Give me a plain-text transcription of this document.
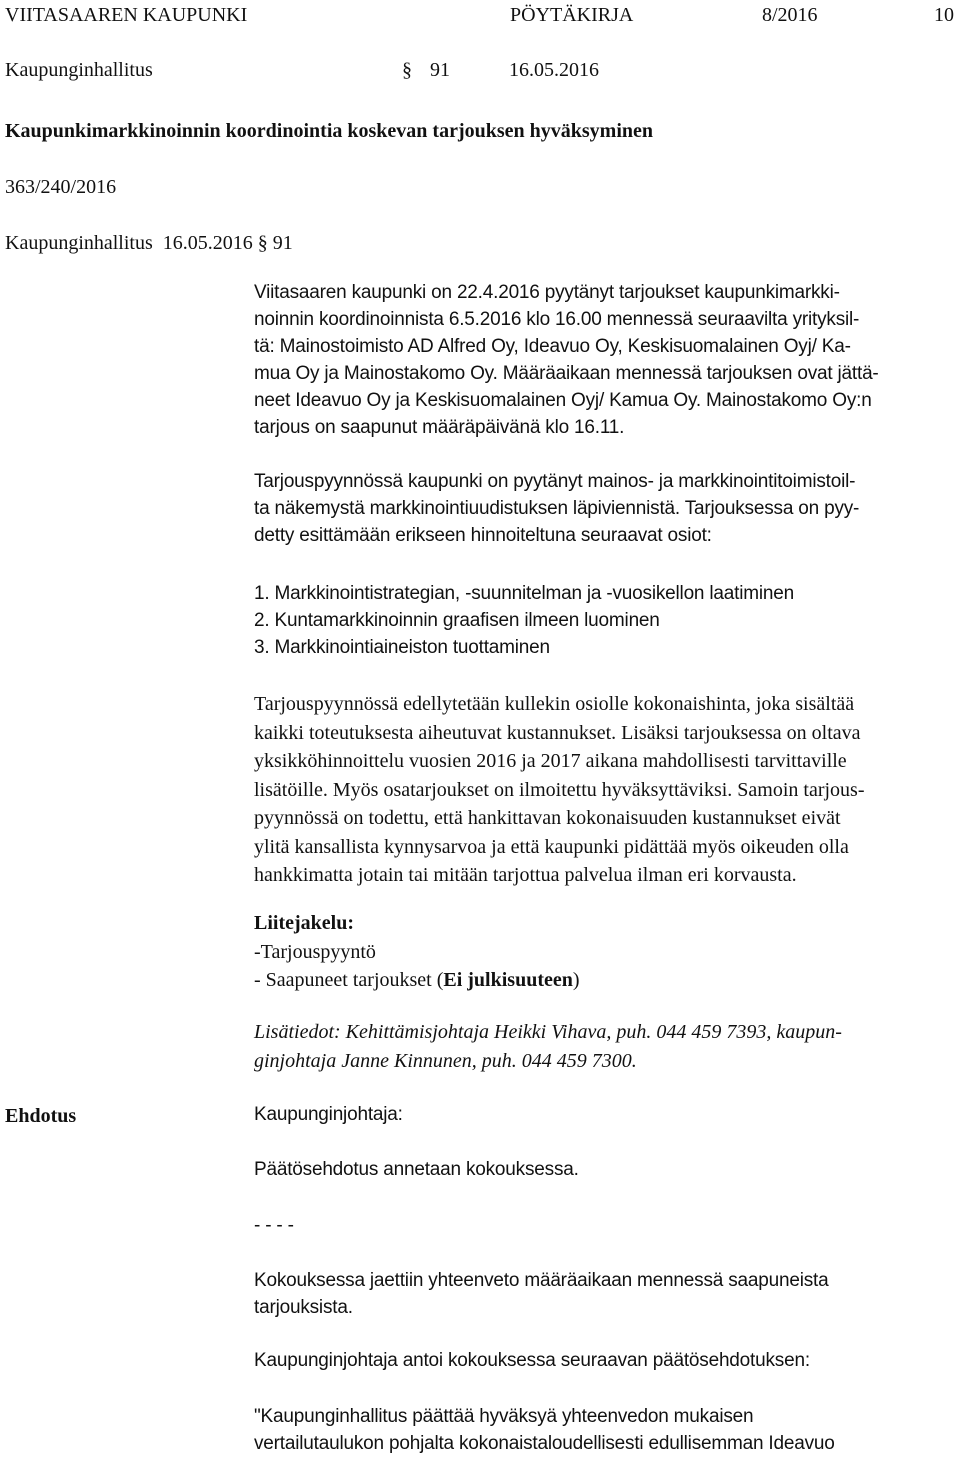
VIITASAAREN KAUPUNKI	PÖYTÄKIRJA	8/2016	10
Kaupunginhallitus	§ 91	16.05.2016
Kaupunkimarkkinoinnin koordinointia koskevan tarjouksen hyväksyminen
363/240/2016
Kaupunginhallitus 16.05.2016 § 91
Viitasaaren kaupunki on 22.4.2016 pyytänyt tarjoukset kaupunkimarkki-
noinnin koordinoinnista 6.5.2016 klo 16.00 mennessä seuraavilta yrityksil-
tä: Mainostoimisto AD Alfred Oy, Ideavuo Oy, Keskisuomalainen Oyj/ Ka-
mua Oy ja Mainostakomo Oy. Määräaikaan mennessä tarjouksen ovat jättä-
neet Ideavuo Oy ja Keskisuomalainen Oyj/ Kamua Oy. Mainostakomo Oy:n
tarjous on saapunut määräpäivänä klo 16.11.
Tarjouspyynnössä kaupunki on pyytänyt mainos- ja markkinointitoimistoil-
ta näkemystä markkinointiuudistuksen läpiviennistä. Tarjouksessa on pyy-
detty esittämään erikseen hinnoiteltuna seuraavat osiot:
1. Markkinointistrategian, -suunnitelman ja -vuosikellon laatiminen
2. Kuntamarkkinoinnin graafisen ilmeen luominen
3. Markkinointiaineiston tuottaminen
Tarjouspyynnössä edellytetään kullekin osiolle kokonaishinta, joka sisältää
kaikki toteutuksesta aiheutuvat kustannukset. Lisäksi tarjouksessa on oltava
yksikköhinnoittelu vuosien 2016 ja 2017 aikana mahdollisesti tarvittaville
lisätöille. Myös osatarjoukset on ilmoitettu hyväksyttäviksi. Samoin tarjous-
pyynnössä on todettu, että hankittavan kokonaisuuden kustannukset eivät
ylitä kansallista kynnysarvoa ja että kaupunki pidättää myös oikeuden olla
hankkimatta jotain tai mitään tarjottua palvelua ilman eri korvausta.
Liitejakelu:
-Tarjouspyyntö
- Saapuneet tarjoukset (Ei julkisuuteen)
Lisätiedot: Kehittämisjohtaja Heikki Vihava, puh. 044 459 7393, kaupun-
ginjohtaja Janne Kinnunen, puh. 044 459 7300.
Ehdotus	Kaupunginjohtaja:
Päätösehdotus annetaan kokouksessa.
- - - -
Kokouksessa jaettiin yhteenveto määräaikaan mennessä saapuneista
tarjouksista.
Kaupunginjohtaja antoi kokouksessa seuraavan päätösehdotuksen:
"Kaupunginhallitus päättää hyväksyä yhteenvedon mukaisen
vertailutaulukon pohjalta kokonaistaloudellisesti edullisemman Ideavuo
